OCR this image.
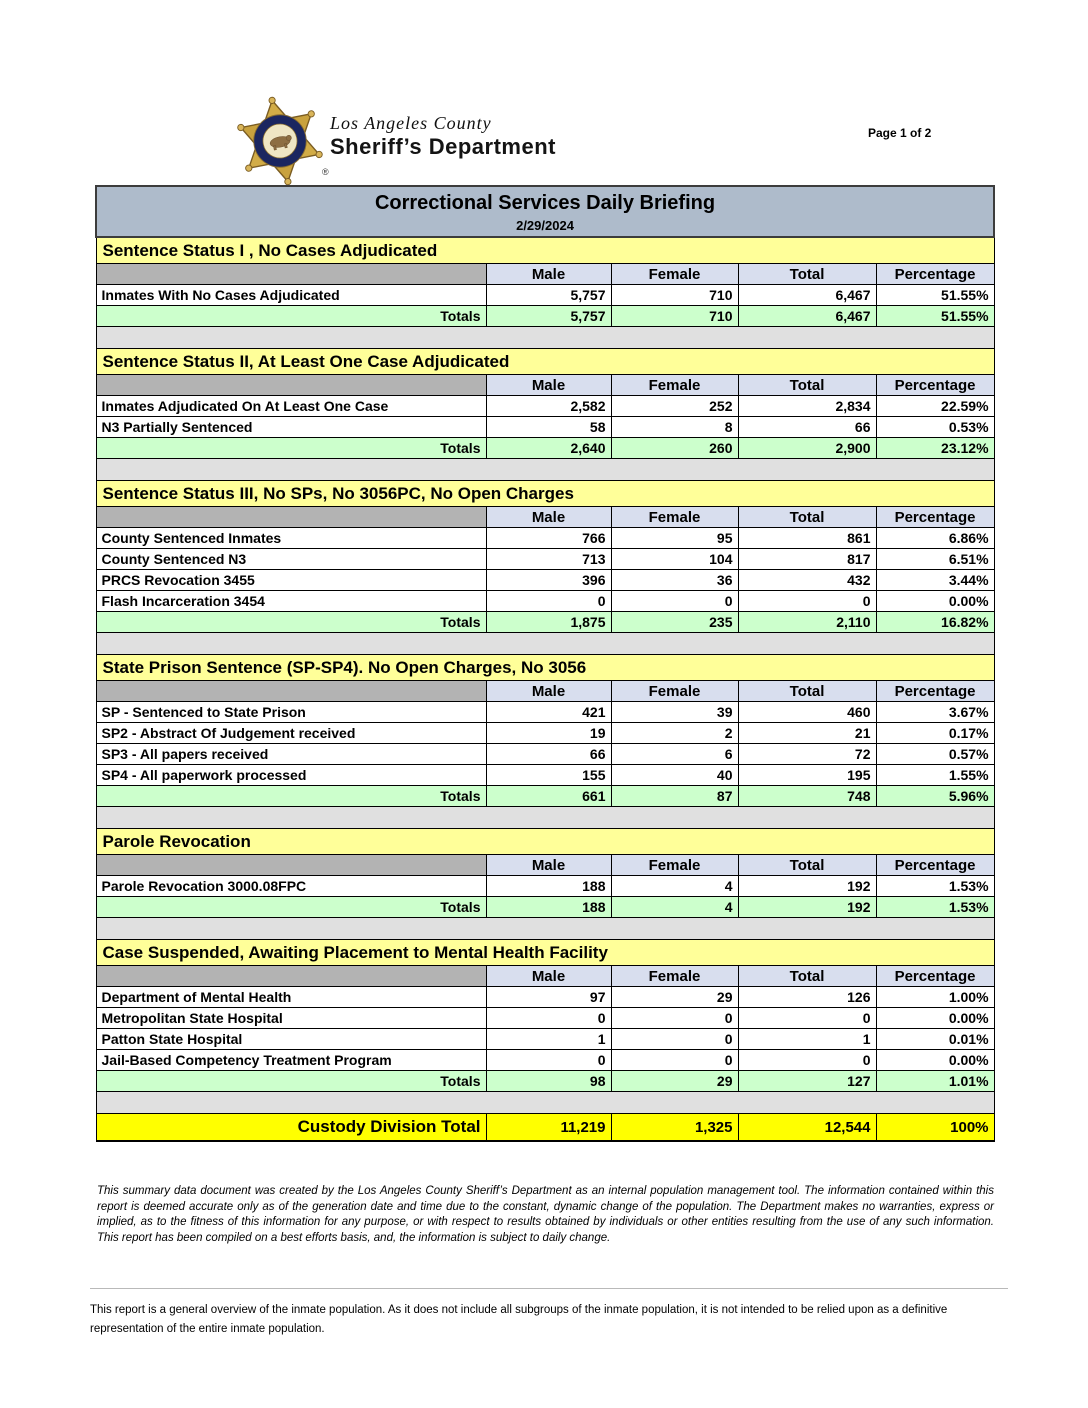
®
Los Angeles County
Sheriff’s Department
Page 1 of 2
Correctional Services Daily Briefing
2/29/2024				

Sentence Status I , No Cases Adjudicated				
	Male	Female	Total	Percentage
Inmates With No Cases Adjudicated	5,757	710	6,467	51.55%
Totals	5,757	710	6,467	51.55%

Sentence Status II, At Least One Case Adjudicated				
	Male	Female	Total	Percentage
Inmates Adjudicated On At Least One Case	2,582	252	2,834	22.59%
N3 Partially Sentenced	58	8	66	0.53%
Totals	2,640	260	2,900	23.12%

Sentence Status III, No SPs, No 3056PC, No Open Charges				
	Male	Female	Total	Percentage
County Sentenced Inmates	766	95	861	6.86%
County Sentenced N3	713	104	817	6.51%
PRCS Revocation 3455	396	36	432	3.44%
Flash Incarceration 3454	0	0	0	0.00%
Totals	1,875	235	2,110	16.82%

State Prison Sentence (SP-SP4). No Open Charges, No 3056				
	Male	Female	Total	Percentage
SP - Sentenced to State Prison	421	39	460	3.67%
SP2 - Abstract Of Judgement received	19	2	21	0.17%
SP3 - All papers received	66	6	72	0.57%
SP4 - All paperwork processed	155	40	195	1.55%
Totals	661	87	748	5.96%

Parole Revocation				
	Male	Female	Total	Percentage
Parole Revocation 3000.08FPC	188	4	192	1.53%
Totals	188	4	192	1.53%

Case Suspended, Awaiting Placement to Mental Health Facility				
	Male	Female	Total	Percentage
Department of Mental Health	97	29	126	1.00%
Metropolitan State Hospital	0	0	0	0.00%
Patton State Hospital	1	0	1	0.01%
Jail-Based Competency Treatment Program	0	0	0	0.00%
Totals	98	29	127	1.01%

Custody Division Total	11,219	1,325	12,544	100%

This summary data document was created by the Los Angeles County Sheriff’s Department as an internal population management tool. The information contained within this report is deemed accurate only as of the generation date and time due to the constant, dynamic change of the population. The Department makes no warranties, express or implied, as to the fitness of this information for any purpose, or with respect to results obtained by individuals or other entities resulting from the use of any such information. This report has been compiled on a best efforts basis, and, the information is subject to daily change.

This report is a general overview of the inmate population. As it does not include all subgroups of the inmate population, it is not intended to be relied upon as a definitive representation of the entire inmate population.
